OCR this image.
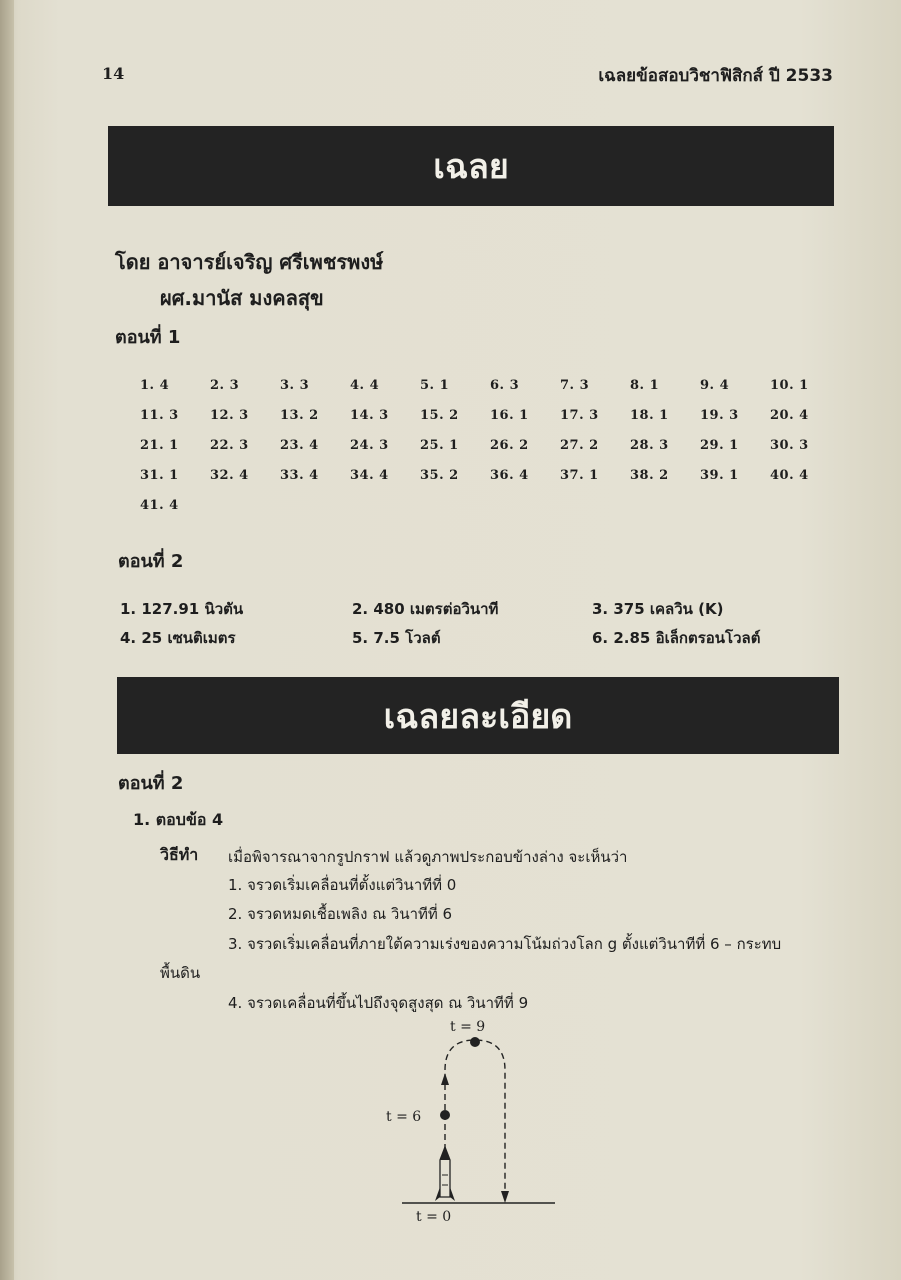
14	เฉลยข้อสอบวิชาฟิสิกส์ ปี 2533
เฉลย
โดย อาจารย์เจริญ ศรีเพชรพงษ์
ผศ.มานัส มงคลสุข
ตอนที่ 1
1. 4	2. 3	3. 3	4. 4	5. 1	6. 3	7. 3	8. 1	9. 4	10. 1
11. 3	12. 3	13. 2	14. 3	15. 2	16. 1	17. 3	18. 1	19. 3	20. 4
21. 1	22. 3	23. 4	24. 3	25. 1	26. 2	27. 2	28. 3	29. 1	30. 3
31. 1	32. 4	33. 4	34. 4	35. 2	36. 4	37. 1	38. 2	39. 1	40. 4
41. 4
ตอนที่ 2
1. 127.91 นิวตัน	2. 480 เมตรต่อวินาที	3. 375 เคลวิน (K)
4. 25 เซนติเมตร	5. 7.5 โวลต์	6. 2.85 อิเล็กตรอนโวลต์
เฉลยละเอียด
ตอนที่ 2
1. ตอบข้อ 4
วิธีทำ เมื่อพิจารณาจากรูปกราฟ แล้วดูภาพประกอบข้างล่าง จะเห็นว่า
1. จรวดเริ่มเคลื่อนที่ตั้งแต่วินาทีที่ 0
2. จรวดหมดเชื้อเพลิง ณ วินาทีที่ 6
3. จรวดเริ่มเคลื่อนที่ภายใต้ความเร่งของความโน้มถ่วงโลก g ตั้งแต่วินาทีที่ 6 – กระทบ
พื้นดิน
4. จรวดเคลื่อนที่ขึ้นไปถึงจุดสูงสุด ณ วินาทีที่ 9
t = 9
t = 6
t = 0
